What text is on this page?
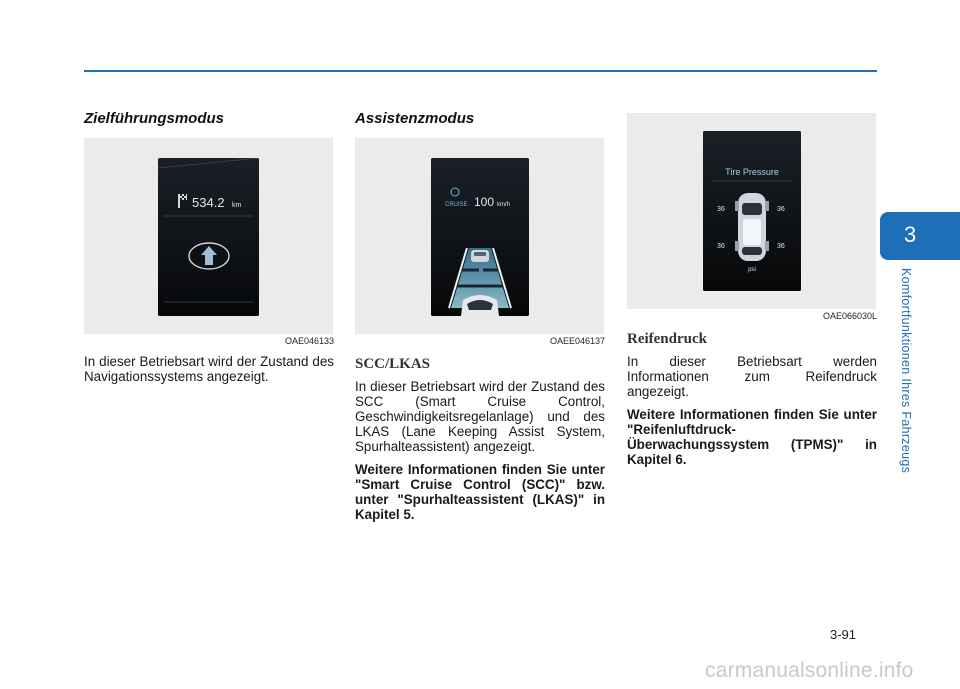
Zielführungsmodus
534.2 km
OAE046133
In dieser Betriebsart wird der Zustand des Navigationssystems angezeigt.
Assistenzmodus
CRUISE 100 km/h
OAEE046137
SCC/LKAS
In dieser Betriebsart wird der Zustand des SCC (Smart Cruise Control, Geschwindigkeitsregelanlage) und des LKAS (Lane Keeping Assist System, Spurhalteassistent) angezeigt.
Weitere Informationen finden Sie unter "Smart Cruise Control (SCC)" bzw. unter "Spurhalteassistent (LKAS)" in Kapitel 5.
Tire Pressure
36	36
36	36
psi
OAE066030L
Reifendruck
In dieser Betriebsart werden Informationen zum Reifendruck angezeigt.
Weitere Informationen finden Sie unter "Reifenluftdruck-Überwachungssystem (TPMS)" in Kapitel 6.
3
Komfortfunktionen Ihres Fahrzeugs
3-91
carmanualsonline.info
